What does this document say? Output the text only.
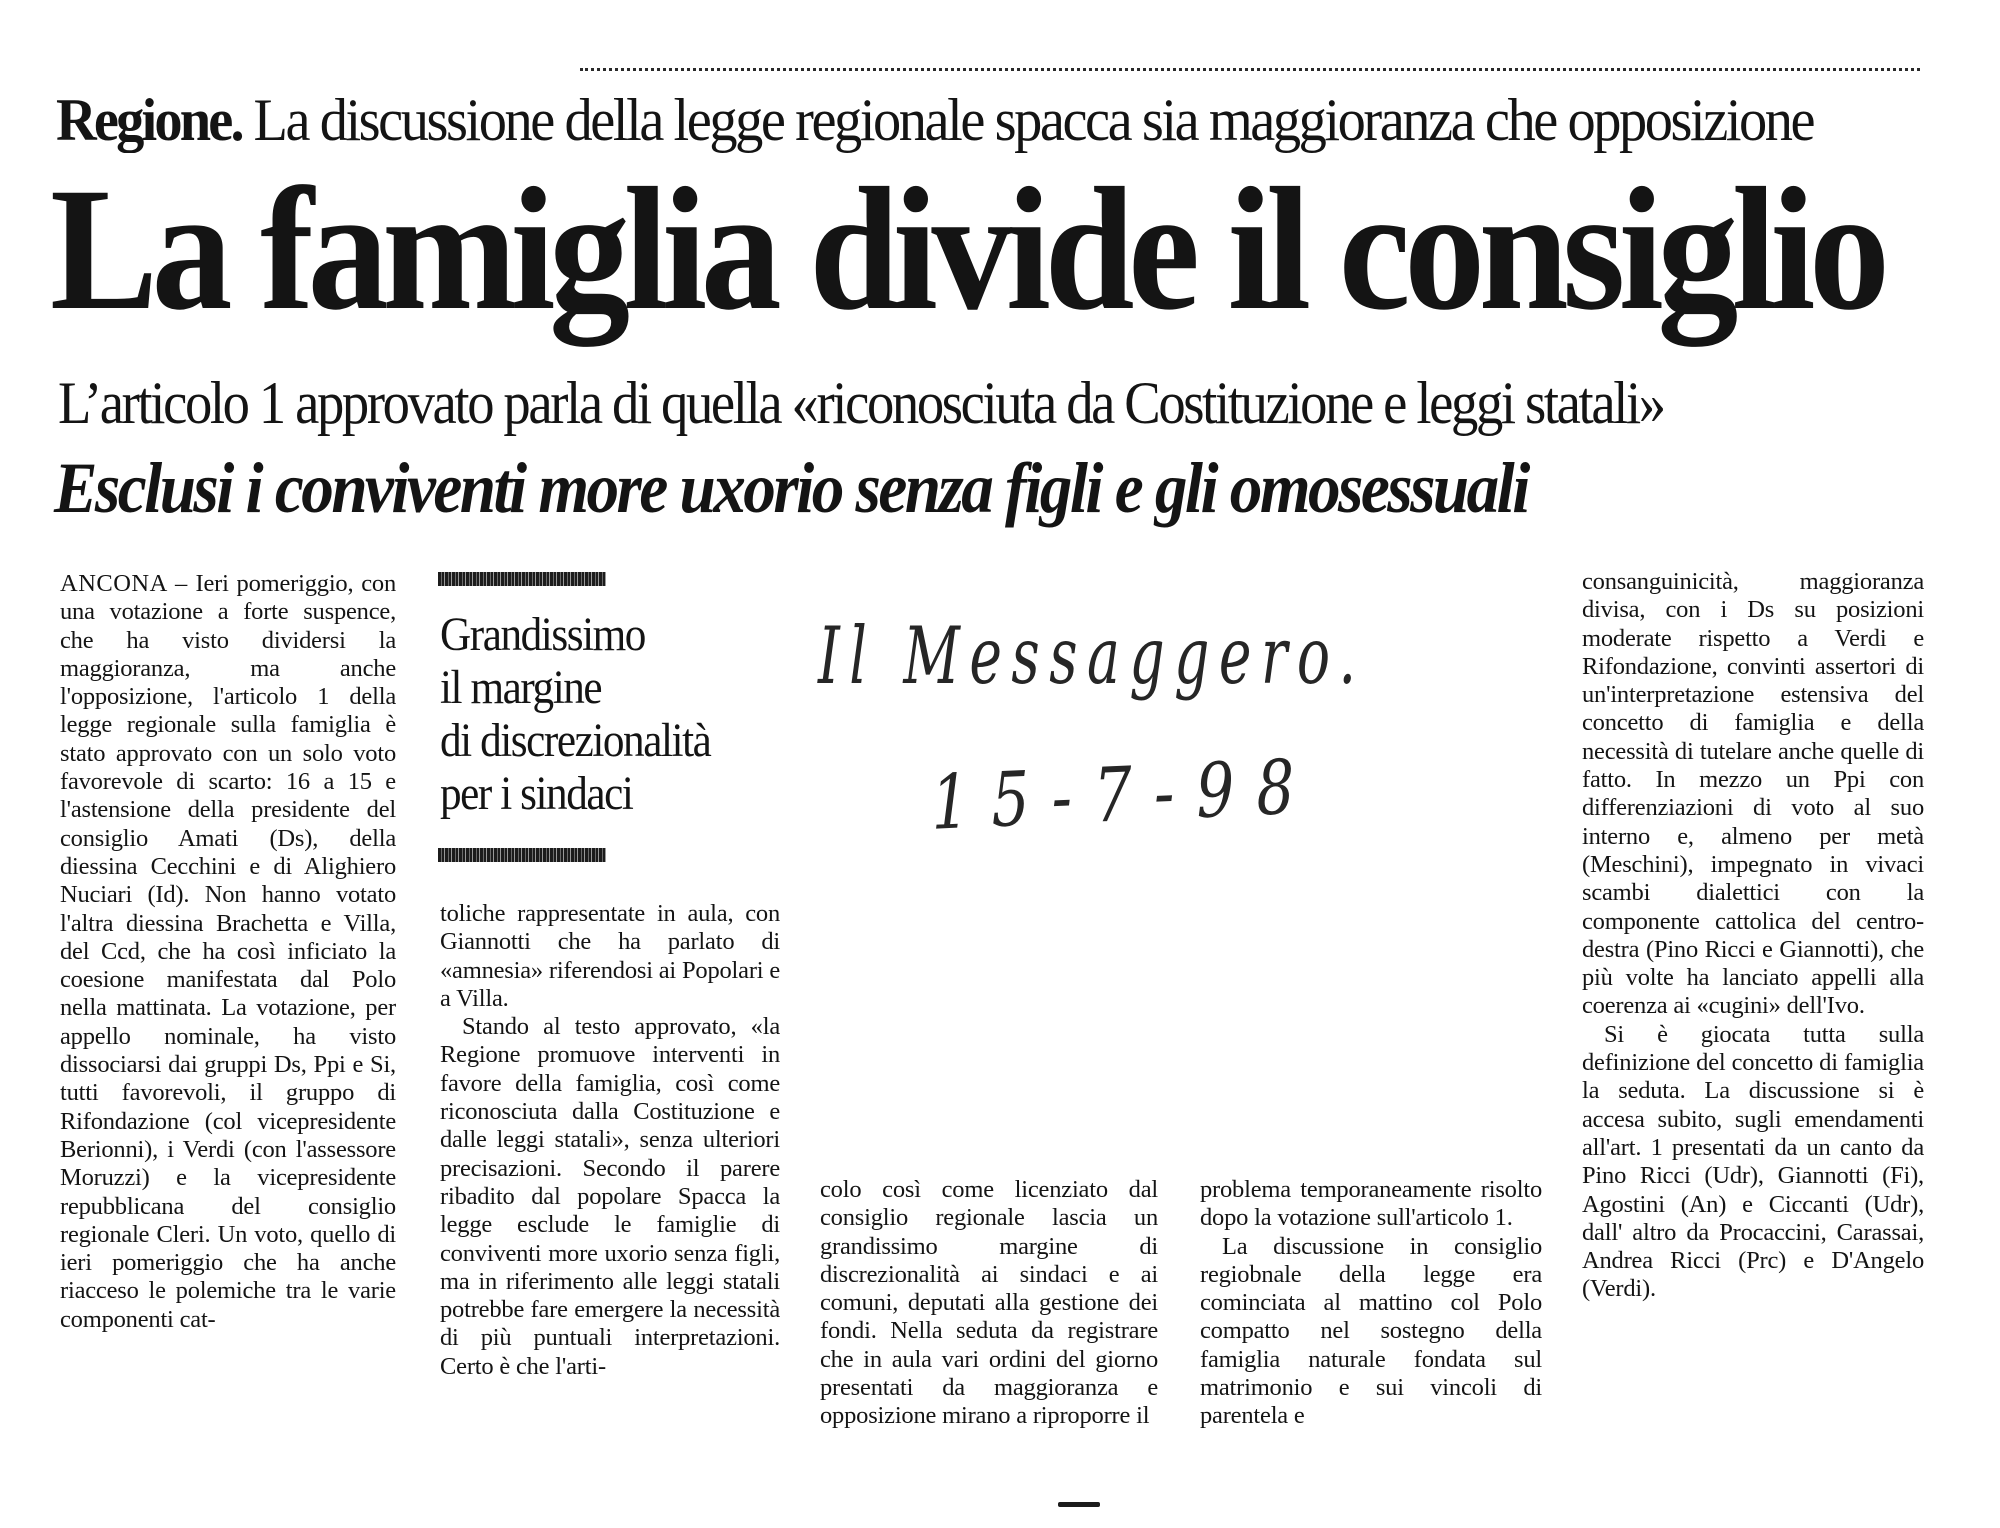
Regione. La discussione della legge regionale spacca sia maggioranza che opposizione
La famiglia divide il consiglio
L’articolo 1 approvato parla di quella «riconosciuta da Costituzione e leggi statali»
Esclusi i conviventi more uxorio senza figli e gli omosessuali

ANCONA – Ieri pomeriggio, con una votazione a forte suspence, che ha visto dividersi la maggioranza, ma anche l'opposizione, l'articolo 1 della legge regionale sulla famiglia è stato approvato con un solo voto favorevole di scarto: 16 a 15 e l'astensione della presidente del consiglio Amati (Ds), della diessina Cecchini e di Alighiero Nuciari (Id). Non hanno votato l'altra diessina Brachetta e Villa, del Ccd, che ha così inficiato la coesione manifestata dal Polo nella mattinata. La votazione, per appello nominale, ha visto dissociarsi dai gruppi Ds, Ppi e Si, tutti favorevoli, il gruppo di Rifondazione (col vicepresidente Berionni), i Verdi (con l'assessore Moruzzi) e la vicepresidente repubblicana del consiglio regionale Cleri. Un voto, quello di ieri pomeriggio che ha anche riacceso le polemiche tra le varie componenti cat-

Grandissimo
il margine
di discrezionalità
per i sindaci
Il Messaggero.
15-7-98

toliche rappresentate in aula, con Giannotti che ha parlato di «amnesia» riferendosi ai Popolari e a Villa.

Stando al testo approvato, «la Regione promuove interventi in favore della famiglia, così come riconosciuta dalla Costituzione e dalle leggi statali», senza ulteriori precisazioni. Secondo il parere ribadito dal popolare Spacca la legge esclude le famiglie di conviventi more uxorio senza figli, ma in riferimento alle leggi statali potrebbe fare emergere la necessità di più puntuali interpretazioni. Certo è che l'arti-

colo così come licenziato dal consiglio regionale lascia un grandissimo margine di discrezionalità ai sindaci e ai comuni, deputati alla gestione dei fondi. Nella seduta da registrare che in aula vari ordini del giorno presentati da maggioranza e opposizione mirano a riproporre il

problema temporaneamente risolto dopo la votazione sull'articolo 1.

La discussione in consiglio regiobnale della legge era cominciata al mattino col Polo compatto nel sostegno della famiglia naturale fondata sul matrimonio e sui vincoli di parentela e

consanguinicità, maggioranza divisa, con i Ds su posizioni moderate rispetto a Verdi e Rifondazione, convinti assertori di un'interpretazione estensiva del concetto di famiglia e della necessità di tutelare anche quelle di fatto. In mezzo un Ppi con differenziazioni di voto al suo interno e, almeno per metà (Meschini), impegnato in vivaci scambi dialettici con la componente cattolica del centro-destra (Pino Ricci e Giannotti), che più volte ha lanciato appelli alla coerenza ai «cugini» dell'Ivo.

Si è giocata tutta sulla definizione del concetto di famiglia la seduta. La discussione si è accesa subito, sugli emendamenti all'art. 1 presentati da un canto da Pino Ricci (Udr), Giannotti (Fi), Agostini (An) e Ciccanti (Udr), dall' altro da Procaccini, Carassai, Andrea Ricci (Prc) e D'Angelo (Verdi).
